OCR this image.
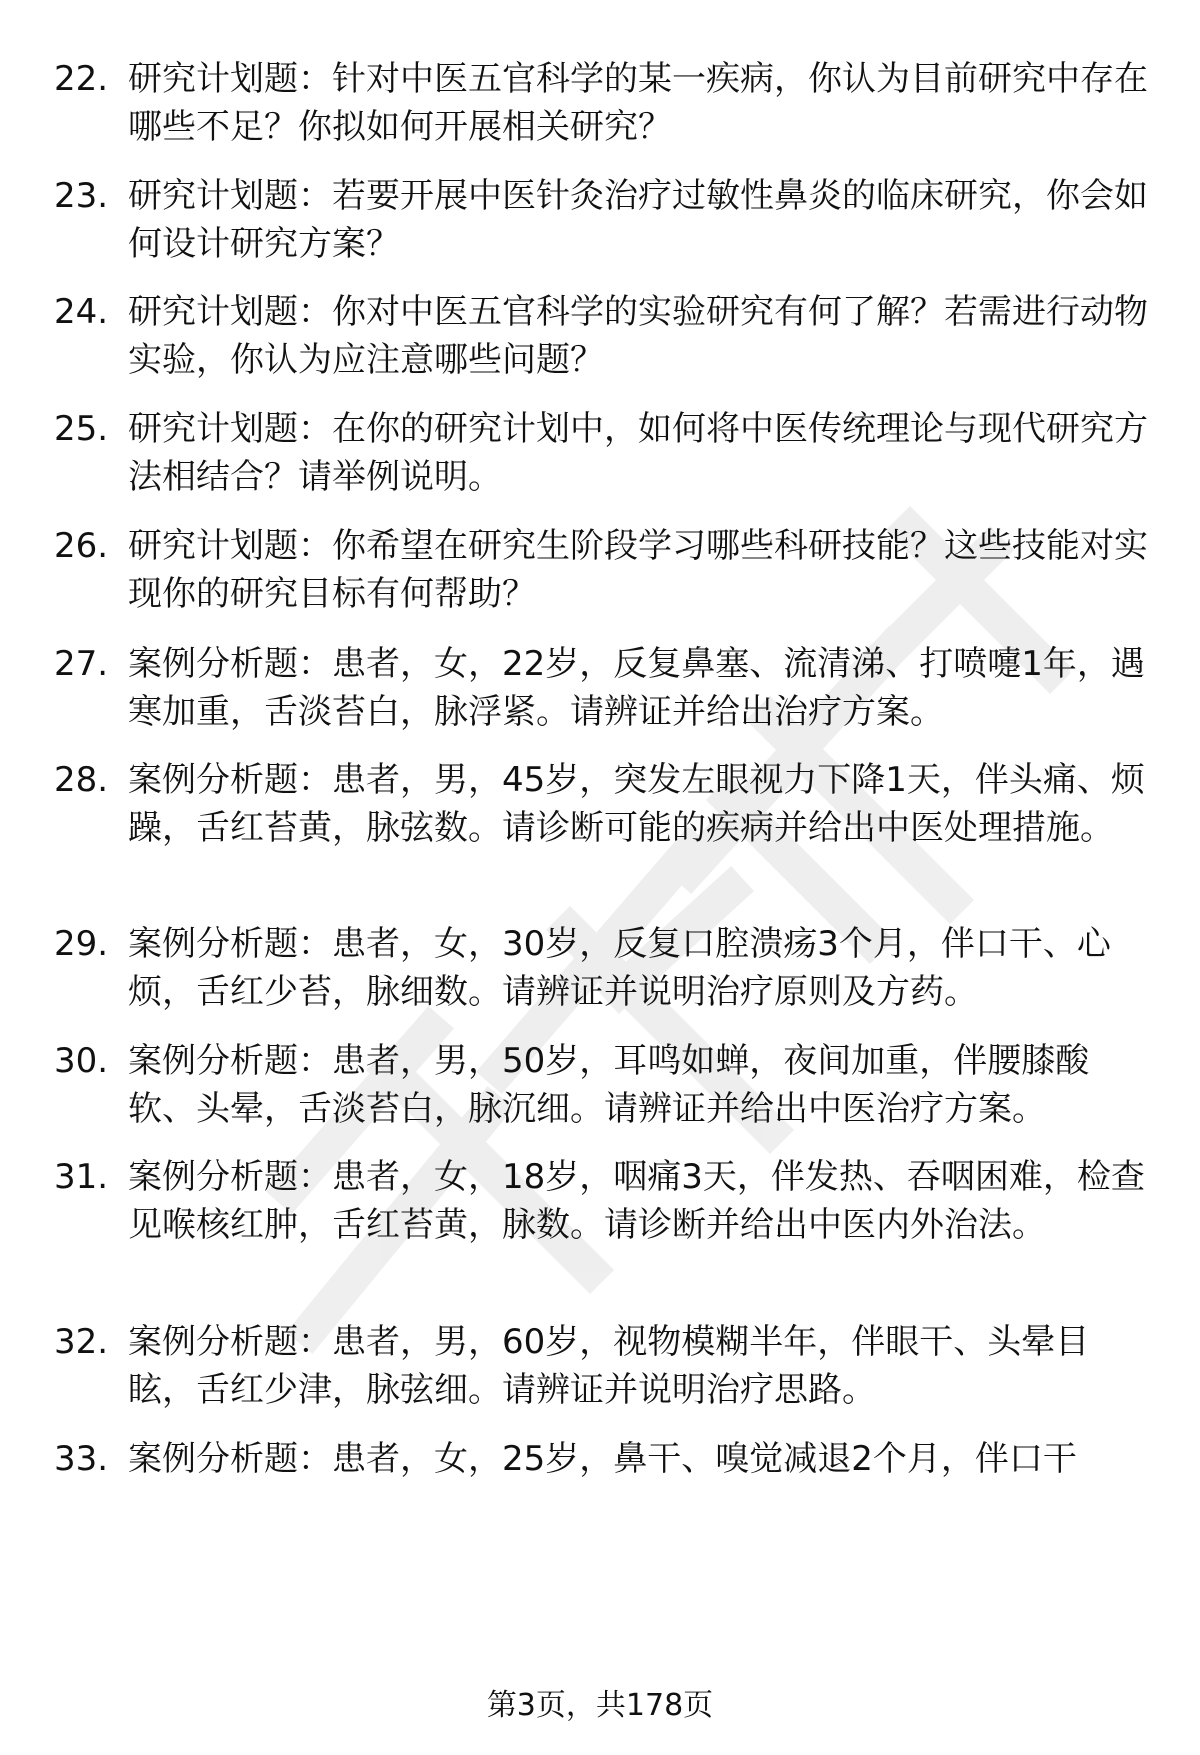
22. 研究计划题：针对中医五官科学的某一疾病，你认为目前研究中存在哪些不足？你拟如何开展相关研究？
23. 研究计划题：若要开展中医针灸治疗过敏性鼻炎的临床研究，你会如何设计研究方案？
24. 研究计划题：你对中医五官科学的实验研究有何了解？若需进行动物实验，你认为应注意哪些问题？
25. 研究计划题：在你的研究计划中，如何将中医传统理论与现代研究方法相结合？请举例说明。
26. 研究计划题：你希望在研究生阶段学习哪些科研技能？这些技能对实现你的研究目标有何帮助？
27. 案例分析题：患者，女，22岁，反复鼻塞、流清涕、打喷嚏1年，遇寒加重，舌淡苔白，脉浮紧。请辨证并给出治疗方案。
28. 案例分析题：患者，男，45岁，突发左眼视力下降1天，伴头痛、烦躁，舌红苔黄，脉弦数。请诊断可能的疾病并给出中医处理措施。
29. 案例分析题：患者，女，30岁，反复口腔溃疡3个月，伴口干、心烦，舌红少苔，脉细数。请辨证并说明治疗原则及方药。
30. 案例分析题：患者，男，50岁，耳鸣如蝉，夜间加重，伴腰膝酸软、头晕，舌淡苔白，脉沉细。请辨证并给出中医治疗方案。
31. 案例分析题：患者，女，18岁，咽痛3天，伴发热、吞咽困难，检查见喉核红肿，舌红苔黄，脉数。请诊断并给出中医内外治法。
32. 案例分析题：患者，男，60岁，视物模糊半年，伴眼干、头晕目眩，舌红少津，脉弦细。请辨证并说明治疗思路。
33. 案例分析题：患者，女，25岁，鼻干、嗅觉减退2个月，伴口干
第3页，共178页
